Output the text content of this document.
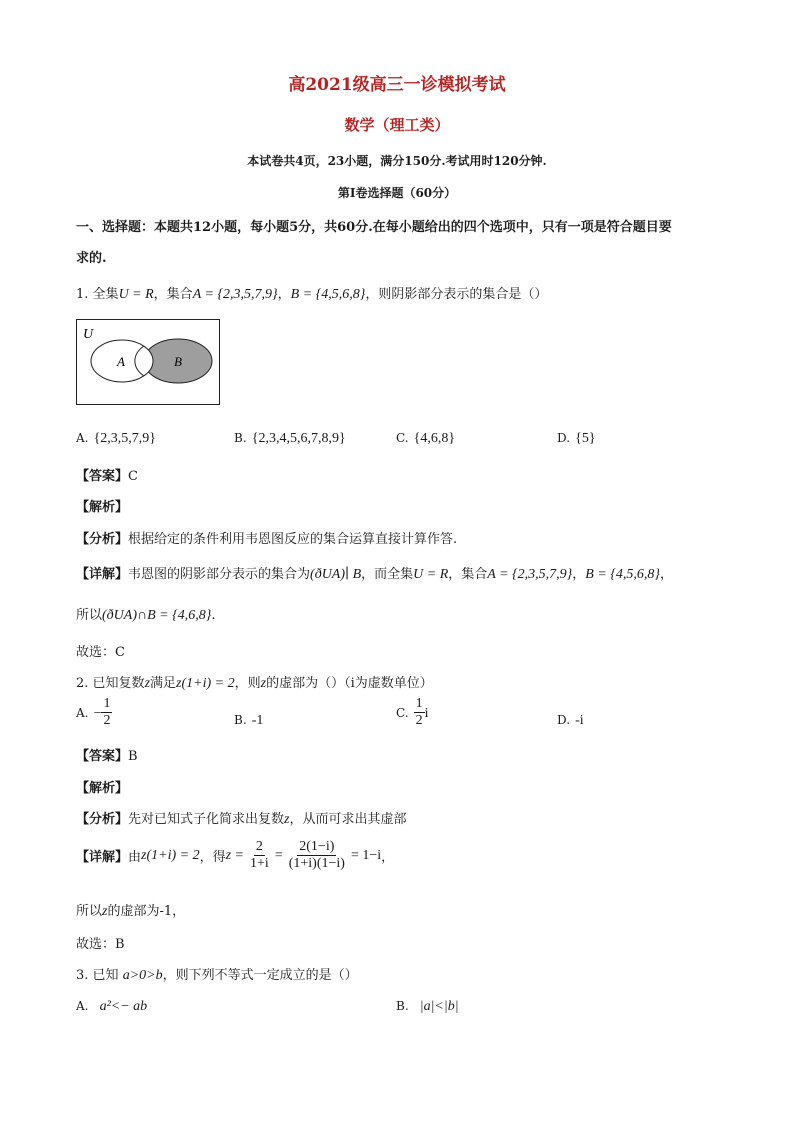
高2021级高三一诊模拟考试
数学（理工类）
本试卷共4页，23小题，满分150分.考试用时120分钟.
第I卷选择题（60分）
一、选择题：本题共12小题，每小题5分，共60分.在每小题给出的四个选项中，只有一项是符合题目要
求的.
1. 全集U = R，集合A = {2,3,5,7,9}，B = {4,5,6,8}，则阴影部分表示的集合是（）
U
A	B
A. {2,3,5,7,9}	B. {2,3,4,5,6,7,8,9}	C. {4,6,8}	D. {5}
【答案】C
【解析】
【分析】根据给定的条件利用韦恩图反应的集合运算直接计算作答.
【详解】韦恩图的阴影部分表示的集合为(ðUA)∣ B，而全集U = R，集合A = {2,3,5,7,9}，B = {4,5,6,8}，
所以(ðUA)∩B = {4,6,8}.
故选：C
2. 已知复数z满足z(1+i) = 2，则z的虚部为（）（i为虚数单位）
A. − $\frac{1}{2}$	B. -1	C. $\frac{1}{2}$ i	D. -i
【答案】B
【解析】
【分析】先对已知式子化简求出复数z，从而可求出其虚部
【详解】 由 z(1+i) = 2 ，得 $z = \frac{2}{1+i} = \frac{2(1-i)}{(1+i)(1-i)} = 1-i$ ，
所以z的虚部为-1，
故选：B
3. 已知 a>0>b，则下列不等式一定成立的是（）
A. a²<− ab	B. |a|<|b|
